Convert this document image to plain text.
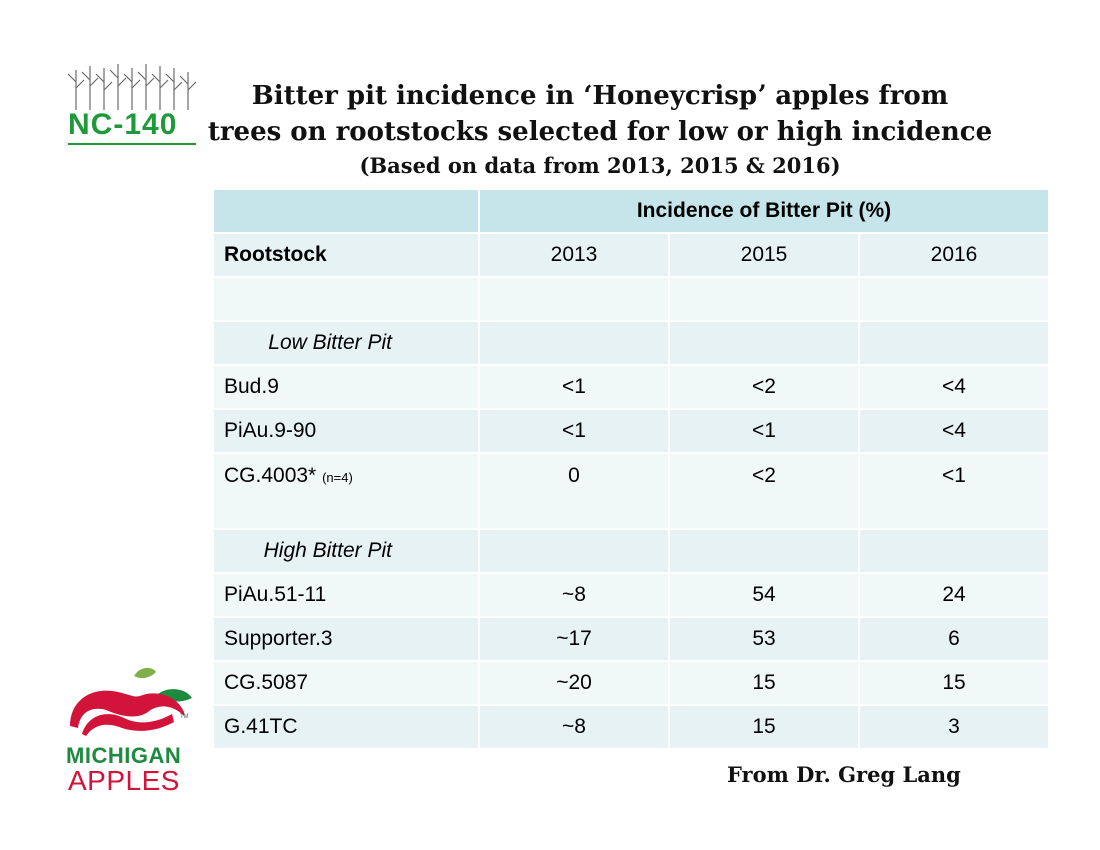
NC-140
Bitter pit incidence in ʻHoneycrispʼ apples from
trees on rootstocks selected for low or high incidence
(Based on data from 2013, 2015 & 2016)
	Incidence of Bitter Pit (%)		
Rootstock	2013	2015	2016

Low Bitter Pit			
Bud.9	<1	<2	<4
PiAu.9-90	<1	<1	<4
CG.4003* (n=4)	0	<2	<1
High Bitter Pit			
PiAu.51-11	~8	54	24
Supporter.3	~17	53	6
CG.5087	~20	15	15
G.41TC	~8	15	3
TM
MICHIGAN
APPLES	From Dr. Greg Lang
